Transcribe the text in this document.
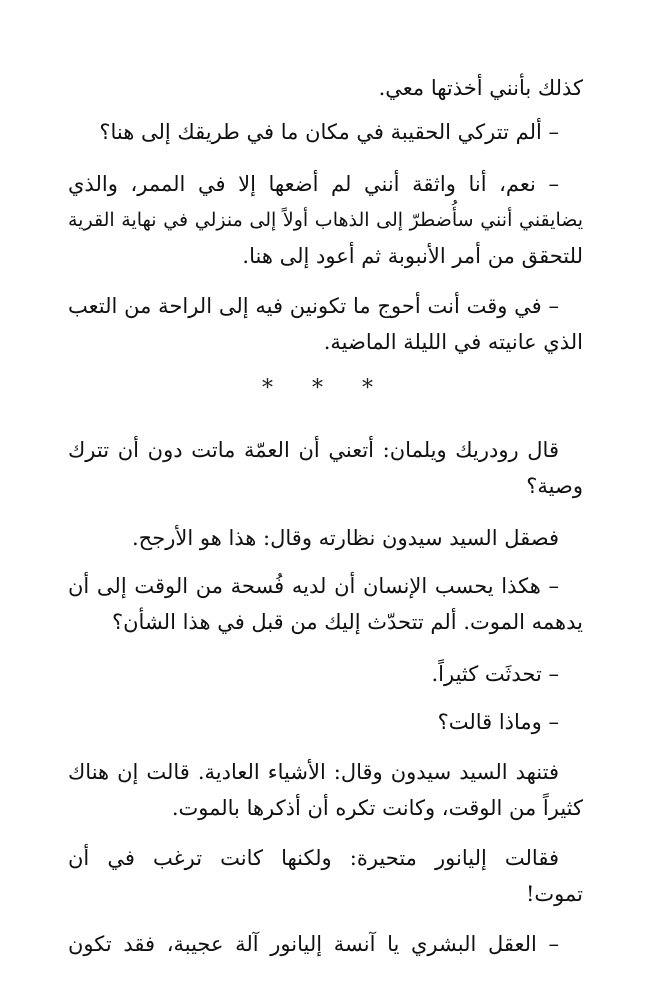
كذلك بأنني أخذتها معي.
– ألم تتركي الحقيبة في مكان ما في طريقك إلى هنا؟
– نعم، أنا واثقة أنني لم أضعها إلا في الممر، والذي
يضايقني أنني سأُضطرّ إلى الذهاب أولاً إلى منزلي في نهاية القرية
للتحقق من أمر الأنبوبة ثم أعود إلى هنا.
– في وقت أنت أحوج ما تكونين فيه إلى الراحة من التعب
الذي عانيته في الليلة الماضية.
* * *
قال رودريك ويلمان: أتعني أن العمّة ماتت دون أن تترك
وصية؟
فصقل السيد سيدون نظارته وقال: هذا هو الأرجح.
– هكذا يحسب الإنسان أن لديه فُسحة من الوقت إلى أن
يدهمه الموت. ألم تتحدّث إليك من قبل في هذا الشأن؟
– تحدثَت كثيراً.
– وماذا قالت؟
فتنهد السيد سيدون وقال: الأشياء العادية. قالت إن هناك
كثيراً من الوقت، وكانت تكره أن أذكرها بالموت.
فقالت إليانور متحيرة: ولكنها كانت ترغب في أن
تموت!
– العقل البشري يا آنسة إليانور آلة عجيبة، فقد تكون
